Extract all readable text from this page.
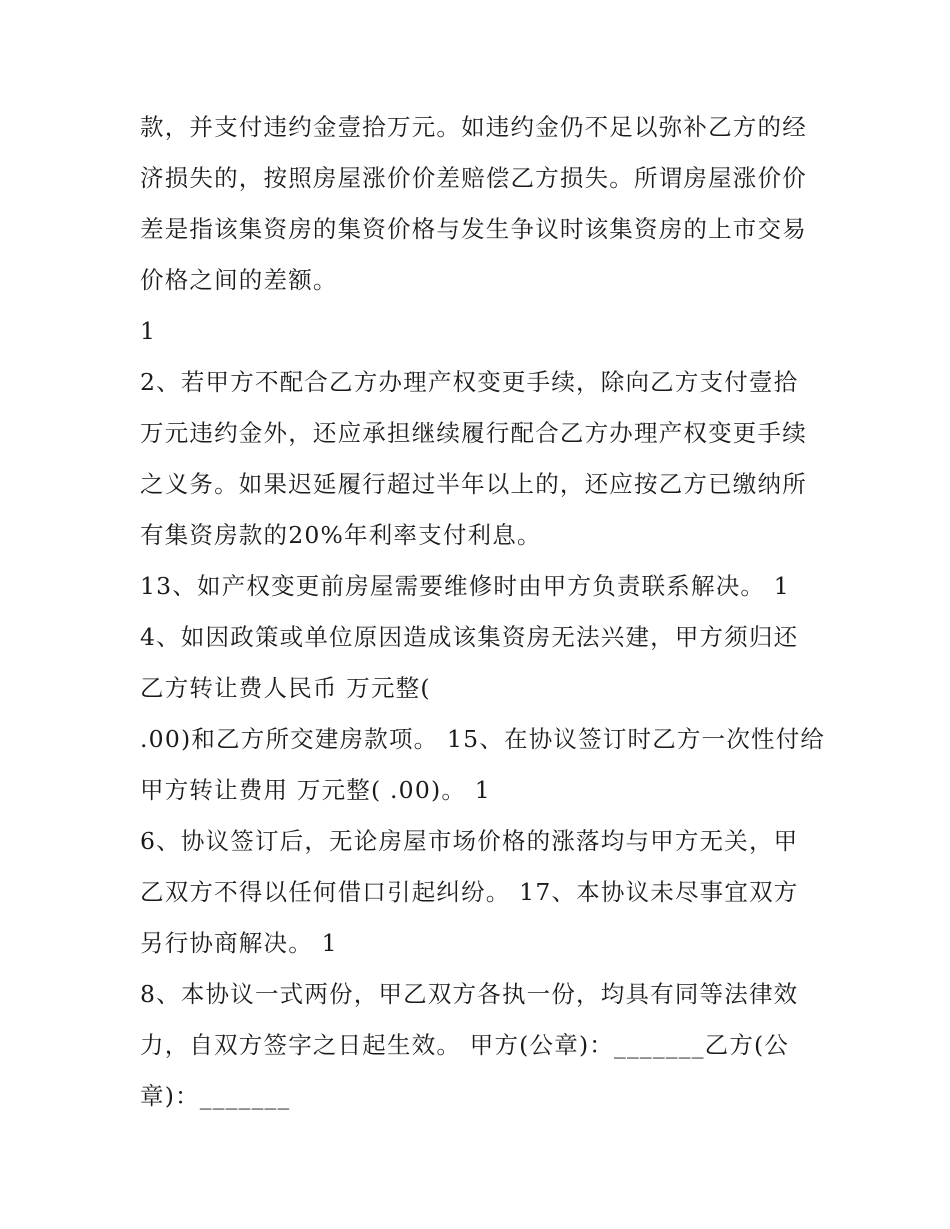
款，并支付违约金壹拾万元。如违约金仍不足以弥补乙方的经
济损失的，按照房屋涨价价差赔偿乙方损失。所谓房屋涨价价
差是指该集资房的集资价格与发生争议时该集资房的上市交易
价格之间的差额。
1
2、若甲方不配合乙方办理产权变更手续，除向乙方支付壹拾
万元违约金外，还应承担继续履行配合乙方办理产权变更手续
之义务。如果迟延履行超过半年以上的，还应按乙方已缴纳所
有集资房款的20%年利率支付利息。
13、如产权变更前房屋需要维修时由甲方负责联系解决。 1
4、如因政策或单位原因造成该集资房无法兴建，甲方须归还
乙方转让费人民币 万元整(
.00)和乙方所交建房款项。 15、在协议签订时乙方一次性付给
甲方转让费用 万元整( .00)。 1
6、协议签订后，无论房屋市场价格的涨落均与甲方无关，甲
乙双方不得以任何借口引起纠纷。 17、本协议未尽事宜双方
另行协商解决。 1
8、本协议一式两份，甲乙双方各执一份，均具有同等法律效
力，自双方签字之日起生效。 甲方(公章)：_______乙方(公
章)：_______
